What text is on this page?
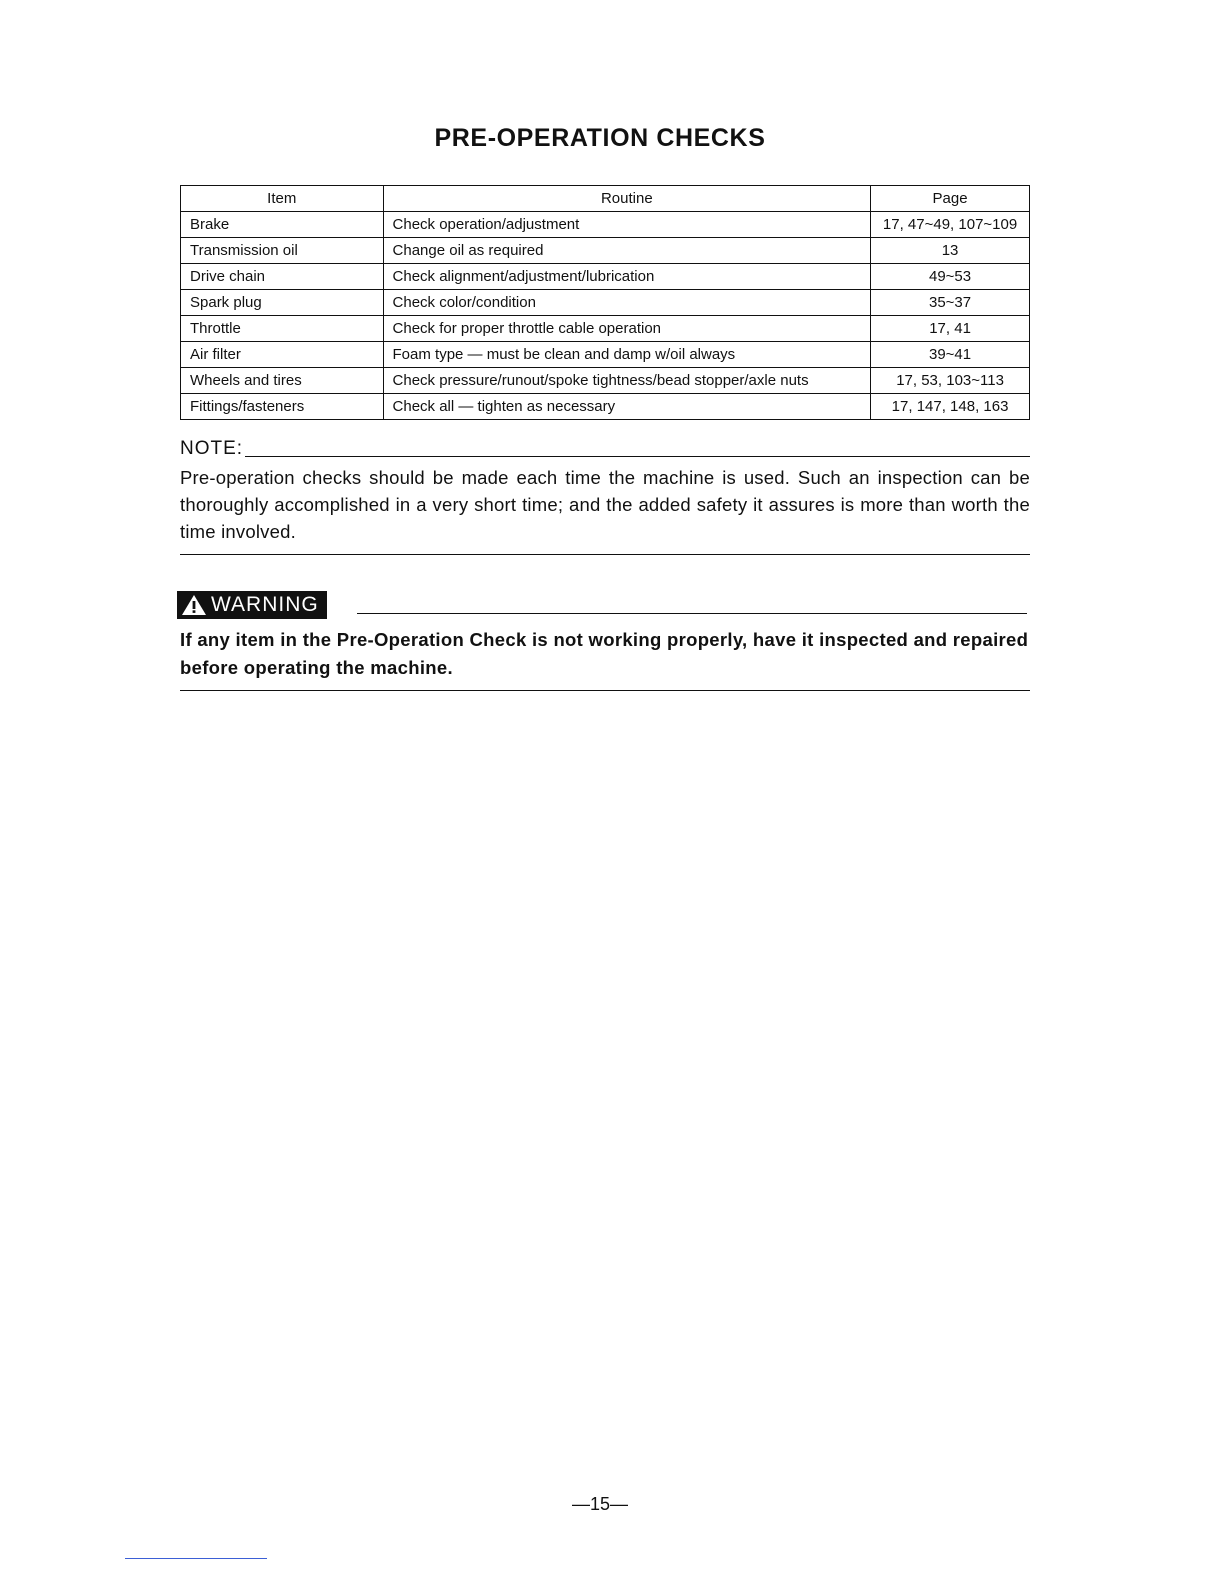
PRE-OPERATION CHECKS
Item	Routine	Page
Brake	Check operation/adjustment	17, 47~49, 107~109
Transmission oil	Change oil as required	13
Drive chain	Check alignment/adjustment/lubrication	49~53
Spark plug	Check color/condition	35~37
Throttle	Check for proper throttle cable operation	17, 41
Air filter	Foam type — must be clean and damp w/oil always	39~41
Wheels and tires	Check pressure/runout/spoke tightness/bead stopper/axle nuts	17, 53, 103~113
Fittings/fasteners	Check all — tighten as necessary	17, 147, 148, 163
NOTE:

Pre-operation checks should be made each time the machine is used. Such an inspection can be thoroughly accomplished in a very short time; and the added safety it assures is more than worth the time involved.

WARNING

If any item in the Pre-Operation Check is not working properly, have it inspected and repaired before operating the machine.

—15—
